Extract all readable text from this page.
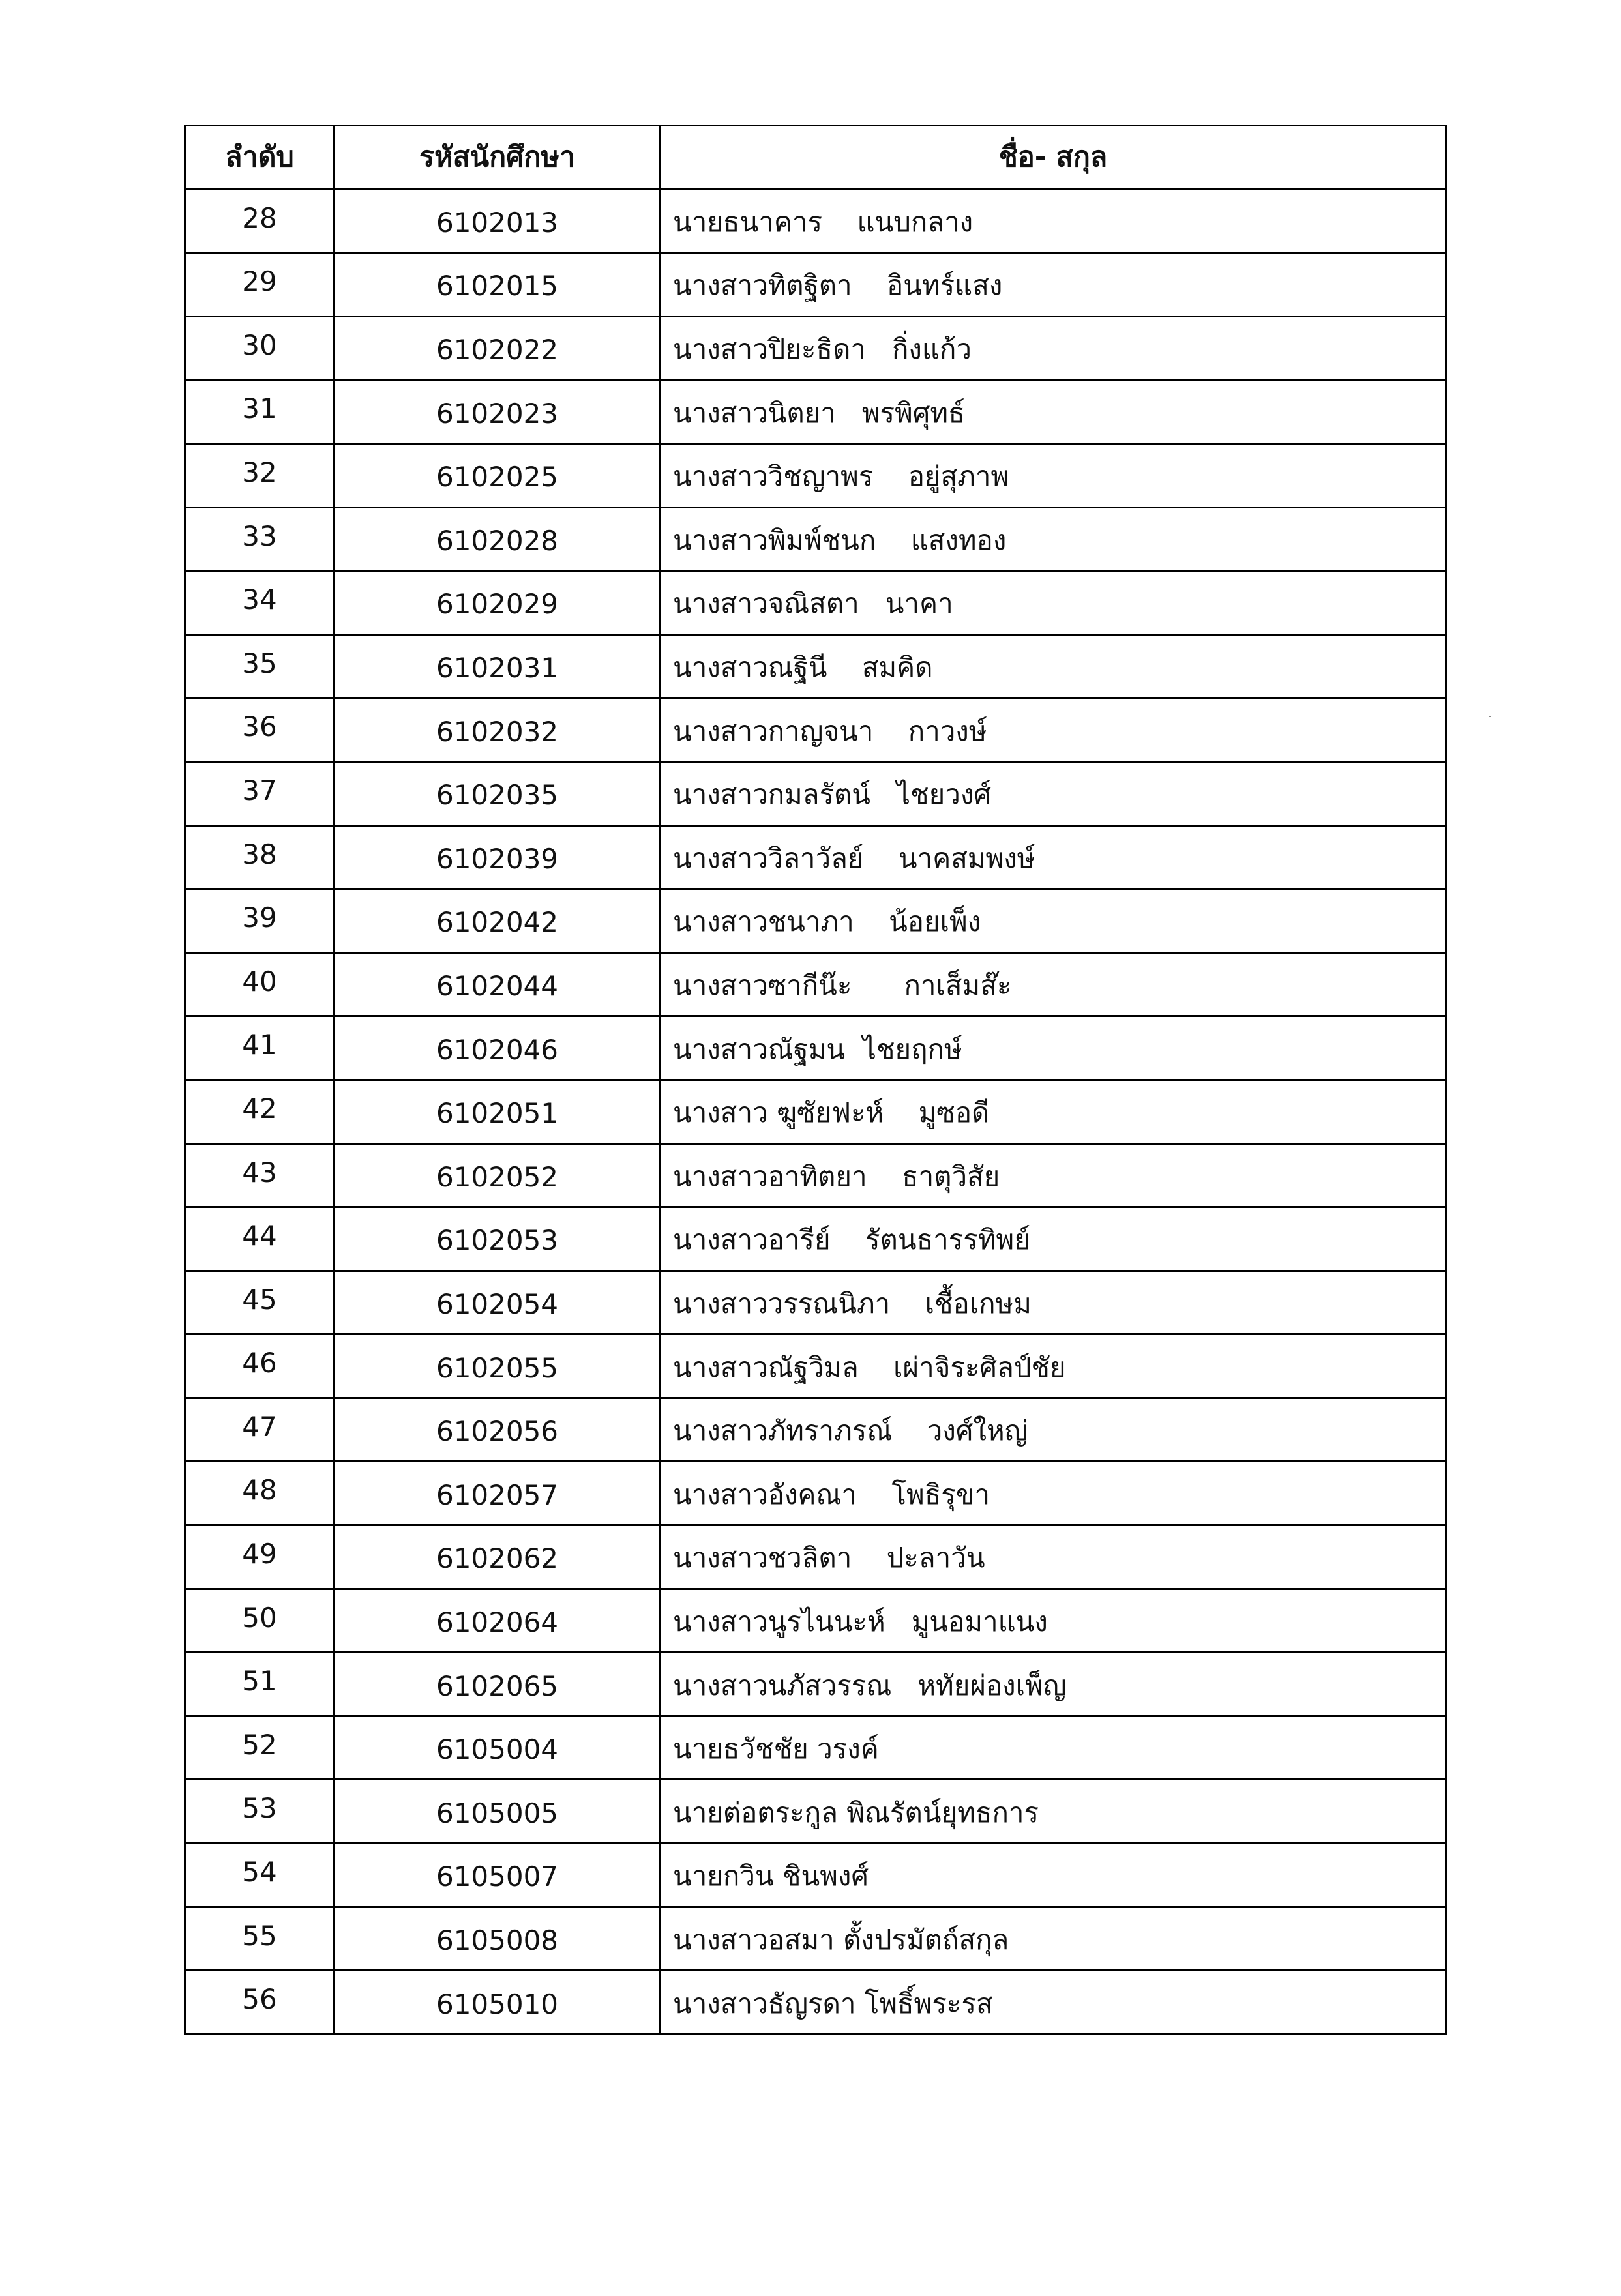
ลำดับ	รหัสนักศึกษา	ชื่อ- สกุล
28	6102013	นายธนาคาร    แนบกลาง
29	6102015	นางสาวทิตฐิตา    อินทร์แสง
30	6102022	นางสาวปิยะธิดา   กิ่งแก้ว
31	6102023	นางสาวนิตยา   พรพิศุทธ์
32	6102025	นางสาววิชญาพร    อยู่สุภาพ
33	6102028	นางสาวพิมพ์ชนก    แสงทอง
34	6102029	นางสาวจณิสตา   นาคา
35	6102031	นางสาวณฐินี    สมคิด
36	6102032	นางสาวกาญจนา    กาวงษ์
37	6102035	นางสาวกมลรัตน์   ไชยวงศ์
38	6102039	นางสาววิลาวัลย์    นาคสมพงษ์
39	6102042	นางสาวชนาภา    น้อยเพ็ง
40	6102044	นางสาวซากีน๊ะ      กาเส็มส๊ะ
41	6102046	นางสาวณัฐมน  ไชยฤกษ์
42	6102051	นางสาว ฆูซัยฟะห์    มูซอดี
43	6102052	นางสาวอาทิตยา    ธาตุวิสัย
44	6102053	นางสาวอารีย์    รัตนธารรทิพย์
45	6102054	นางสาววรรณนิภา    เชื้อเกษม
46	6102055	นางสาวณัฐวิมล    เผ่าจิระศิลป์ชัย
47	6102056	นางสาวภัทราภรณ์    วงศ์ใหญ่
48	6102057	นางสาวอังคณา    โพธิรุขา
49	6102062	นางสาวชวลิตา    ปะลาวัน
50	6102064	นางสาวนูรไนนะห์   มูนอมาแนง
51	6102065	นางสาวนภัสวรรณ   หทัยผ่องเพ็ญ
52	6105004	นายธวัชชัย วรงค์
53	6105005	นายต่อตระกูล พิณรัตน์ยุทธการ
54	6105007	นายกวิน ชินพงศ์
55	6105008	นางสาวอสมา ตั้งปรมัตถ์สกุล
56	6105010	นางสาวธัญรดา โพธิ์พระรส
